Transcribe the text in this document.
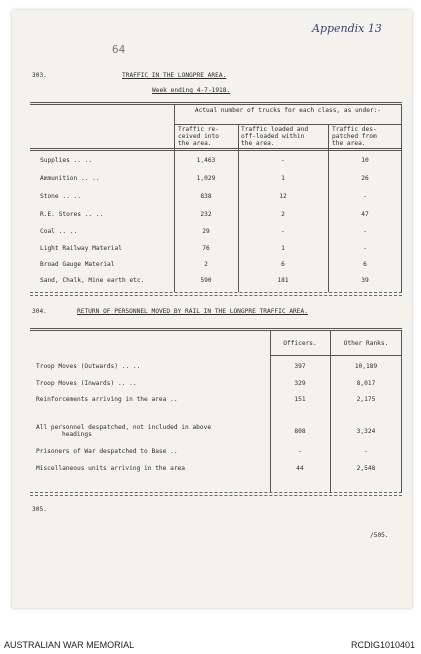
Appendix 13
64
303.	TRAFFIC IN THE LONGPRE AREA.
Week ending 4-7-1918.
Actual number of trucks for each class, as under:-
Traffic re-
ceived into
the area.
Traffic loaded and
off-loaded within
the area.
Traffic des-
patched from
the area.
Supplies .. ..	1,463	-	10
Ammunition .. ..	1,029	1	26
Stone .. ..	838	12	-
R.E. Stores .. ..	232	2	47
Coal .. ..	29	-	-
Light Railway Material	76	1	-
Broad Gauge Material	2	6	6
Sand, Chalk, Mine earth etc.	590	181	39
304.	RETURN OF PERSONNEL MOVED BY RAIL IN THE LONGPRE TRAFFIC AREA.
Officers.	Other Ranks.
Troop Moves (Outwards) .. ..	397	10,189
Troop Moves (Inwards) .. ..	329	8,017
Reinforcements arriving in the area ..	151	2,175
All personnel despatched, not included in above
headings	808	3,324
Prisoners of War despatched to Base ..	-	-
Miscellaneous units arriving in the area	44	2,548
305.
/505.
AUSTRALIAN WAR MEMORIAL	RCDIG1010401
